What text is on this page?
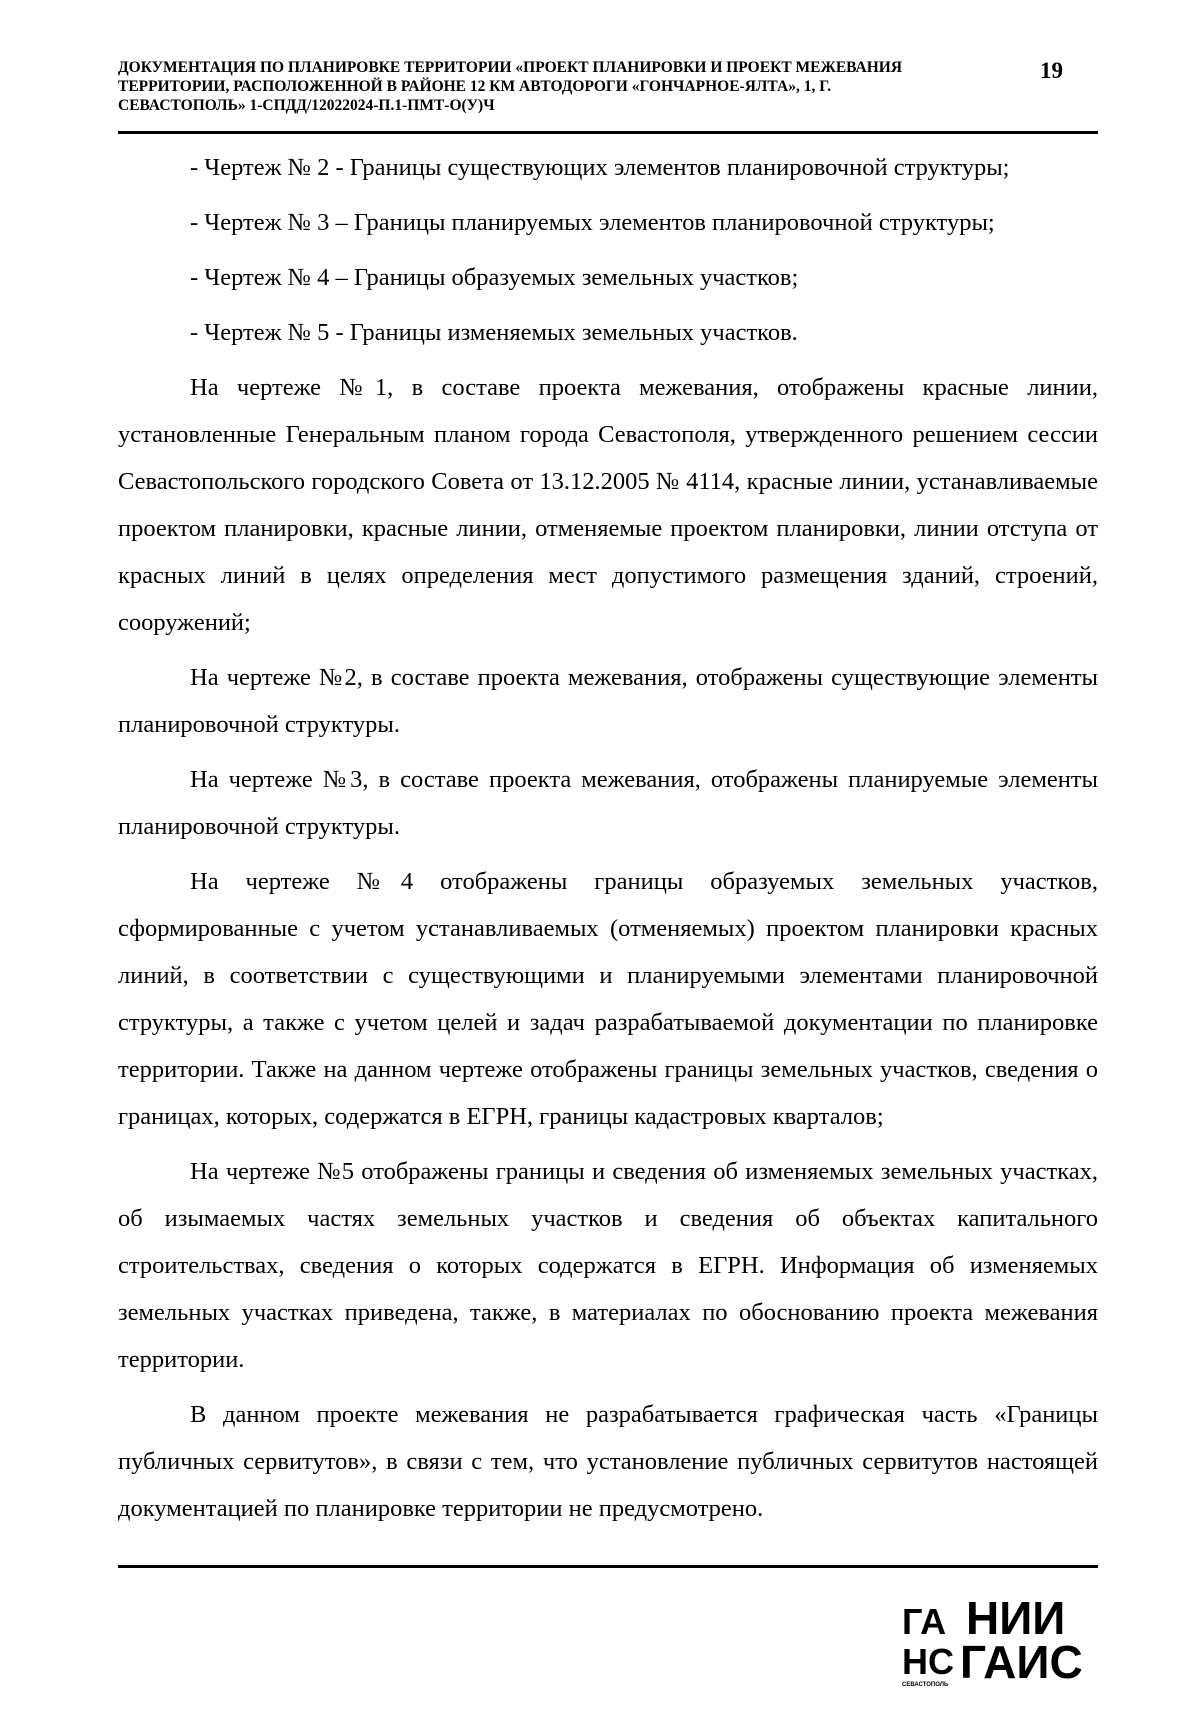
ДОКУМЕНТАЦИЯ ПО ПЛАНИРОВКЕ ТЕРРИТОРИИ «ПРОЕКТ ПЛАНИРОВКИ И ПРОЕКТ МЕЖЕВАНИЯ
ТЕРРИТОРИИ, РАСПОЛОЖЕННОЙ В РАЙОНЕ 12 КМ АВТОДОРОГИ «ГОНЧАРНОЕ-ЯЛТА», 1, Г.
СЕВАСТОПОЛЬ» 1-СПДД/12022024-П.1-ПМТ-О(У)Ч

19

- Чертеж № 2 - Границы существующих элементов планировочной структуры;

- Чертеж № 3 – Границы планируемых элементов планировочной структуры;

- Чертеж № 4 – Границы образуемых земельных участков;

- Чертеж № 5 - Границы изменяемых земельных участков.

На чертеже №1, в составе проекта межевания, отображены красные линии, установленные Генеральным планом города Севастополя, утвержденного решением сессии Севастопольского городского Совета от 13.12.2005 № 4114, красные линии, устанавливаемые проектом планировки, красные линии, отменяемые проектом планировки, линии отступа от красных линий в целях определения мест допустимого размещения зданий, строений, сооружений;

На чертеже №2, в составе проекта межевания, отображены существующие элементы планировочной структуры.

На чертеже №3, в составе проекта межевания, отображены планируемые элементы планировочной структуры.

На чертеже №4 отображены границы образуемых земельных участков, сформированные с учетом устанавливаемых (отменяемых) проектом планировки красных линий, в соответствии с существующими и планируемыми элементами планировочной структуры, а также с учетом целей и задач разрабатываемой документации по планировке территории. Также на данном чертеже отображены границы земельных участков, сведения о границах, которых, содержатся в ЕГРН, границы кадастровых кварталов;

На чертеже №5 отображены границы и сведения об изменяемых земельных участках, об изымаемых частях земельных участков и сведения об объектах капитального строительствах, сведения о которых содержатся в ЕГРН. Информация об изменяемых земельных участках приведена, также, в материалах по обоснованию проекта межевания территории.

В данном проекте межевания не разрабатывается графическая часть «Границы публичных сервитутов», в связи с тем, что установление публичных сервитутов настоящей документацией по планировке территории не предусмотрено.

ГА
НС
НИИ
ГАИС
СЕВАСТОПОЛЬ
